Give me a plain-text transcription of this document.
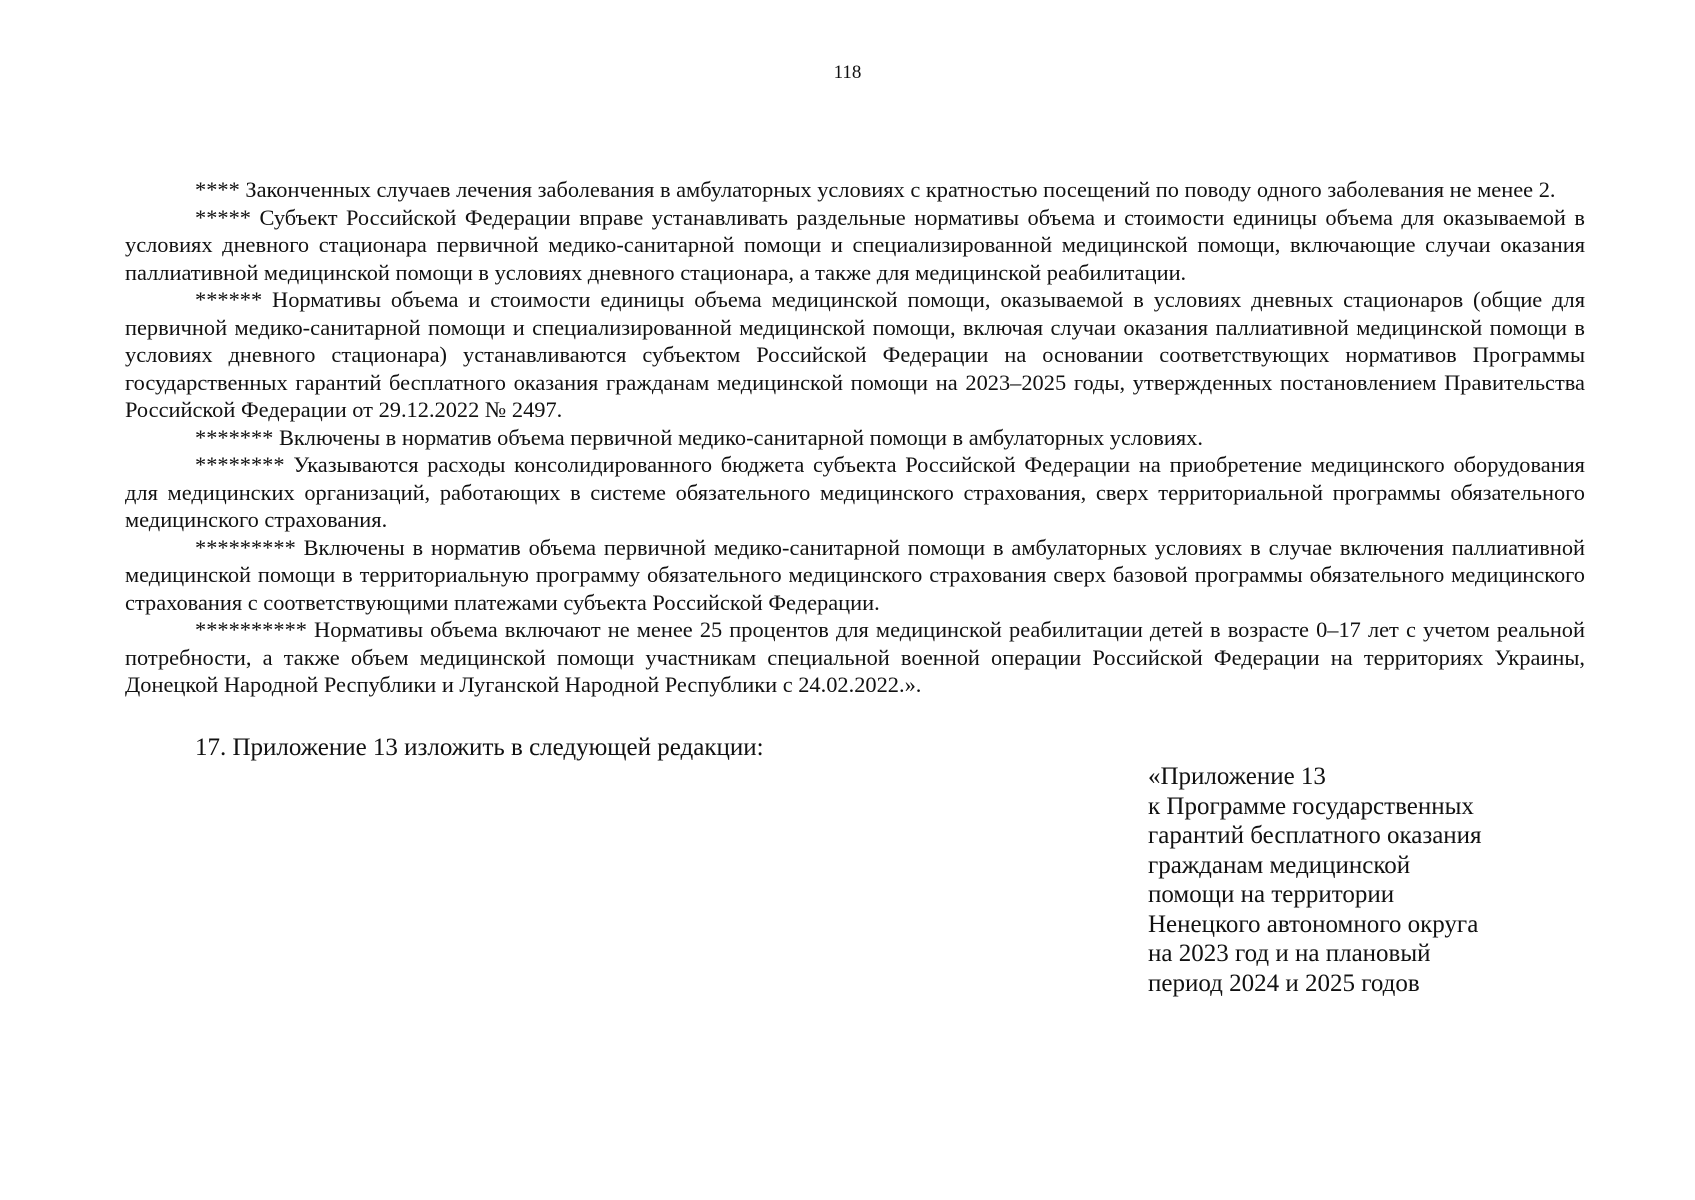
118

**** Законченных случаев лечения заболевания в амбулаторных условиях с кратностью посещений по поводу одного заболевания не менее 2.

***** Субъект Российской Федерации вправе устанавливать раздельные нормативы объема и стоимости единицы объема для оказываемой в условиях дневного стационара первичной медико-санитарной помощи и специализированной медицинской помощи, включающие случаи оказания паллиативной медицинской помощи в условиях дневного стационара, а также для медицинской реабилитации.

****** Нормативы объема и стоимости единицы объема медицинской помощи, оказываемой в условиях дневных стационаров (общие для первичной медико-санитарной помощи и специализированной медицинской помощи, включая случаи оказания паллиативной медицинской помощи в условиях дневного стационара) устанавливаются субъектом Российской Федерации на основании соответствующих нормативов Программы государственных гарантий бесплатного оказания гражданам медицинской помощи на 2023–2025 годы, утвержденных постановлением Правительства Российской Федерации от 29.12.2022 № 2497.

******* Включены в норматив объема первичной медико-санитарной помощи в амбулаторных условиях.

******** Указываются расходы консолидированного бюджета субъекта Российской Федерации на приобретение медицинского оборудования для медицинских организаций, работающих в системе обязательного медицинского страхования, сверх территориальной программы обязательного медицинского страхования.

********* Включены в норматив объема первичной медико-санитарной помощи в амбулаторных условиях в случае включения паллиативной медицинской помощи в территориальную программу обязательного медицинского страхования сверх базовой программы обязательного медицинского страхования с соответствующими платежами субъекта Российской Федерации.

********** Нормативы объема включают не менее 25 процентов для медицинской реабилитации детей в возрасте 0–17 лет с учетом реальной потребности, а также объем медицинской помощи участникам специальной военной операции Российской Федерации на территориях Украины, Донецкой Народной Республики и Луганской Народной Республики с 24.02.2022.».

17. Приложение 13 изложить в следующей редакции:

«Приложение 13
к Программе государственных
гарантий бесплатного оказания
гражданам медицинской
помощи на территории
Ненецкого автономного округа
на 2023 год и на плановый
период 2024 и 2025 годов
